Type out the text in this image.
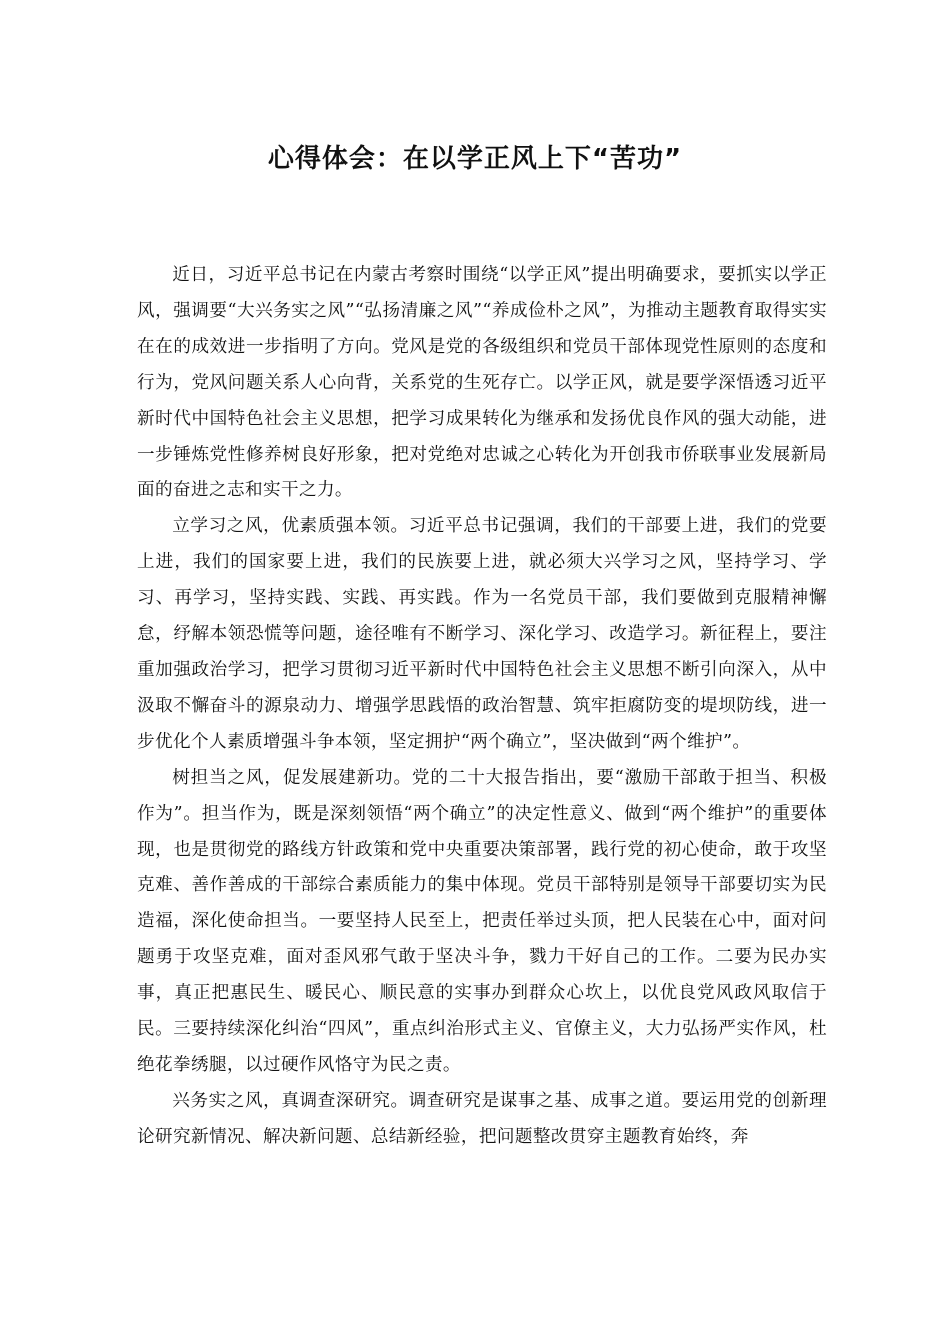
心得体会：在以学正风上下“苦功”

近日，习近平总书记在内蒙古考察时围绕“以学正风”提出明确要求，要抓实以学正风，强调要“大兴务实之风”“弘扬清廉之风”“养成俭朴之风”，为推动主题教育取得实实在在的成效进一步指明了方向。党风是党的各级组织和党员干部体现党性原则的态度和行为，党风问题关系人心向背，关系党的生死存亡。以学正风，就是要学深悟透习近平新时代中国特色社会主义思想，把学习成果转化为继承和发扬优良作风的强大动能，进一步锤炼党性修养树良好形象，把对党绝对忠诚之心转化为开创我市侨联事业发展新局面的奋进之志和实干之力。

立学习之风，优素质强本领。习近平总书记强调，我们的干部要上进，我们的党要上进，我们的国家要上进，我们的民族要上进，就必须大兴学习之风，坚持学习、学习、再学习，坚持实践、实践、再实践。作为一名党员干部，我们要做到克服精神懈怠，纾解本领恐慌等问题，途径唯有不断学习、深化学习、改造学习。新征程上，要注重加强政治学习，把学习贯彻习近平新时代中国特色社会主义思想不断引向深入，从中汲取不懈奋斗的源泉动力、增强学思践悟的政治智慧、筑牢拒腐防变的堤坝防线，进一步优化个人素质增强斗争本领，坚定拥护“两个确立”，坚决做到“两个维护”。

树担当之风，促发展建新功。党的二十大报告指出，要“激励干部敢于担当、积极作为”。担当作为，既是深刻领悟“两个确立”的决定性意义、做到“两个维护”的重要体现，也是贯彻党的路线方针政策和党中央重要决策部署，践行党的初心使命，敢于攻坚克难、善作善成的干部综合素质能力的集中体现。党员干部特别是领导干部要切实为民造福，深化使命担当。一要坚持人民至上，把责任举过头顶，把人民装在心中，面对问题勇于攻坚克难，面对歪风邪气敢于坚决斗争，戮力干好自己的工作。二要为民办实事，真正把惠民生、暖民心、顺民意的实事办到群众心坎上，以优良党风政风取信于民。三要持续深化纠治“四风”，重点纠治形式主义、官僚主义，大力弘扬严实作风，杜绝花拳绣腿，以过硬作风恪守为民之责。

兴务实之风，真调查深研究。调查研究是谋事之基、成事之道。要运用党的创新理论研究新情况、解决新问题、总结新经验，把问题整改贯穿主题教育始终，奔
